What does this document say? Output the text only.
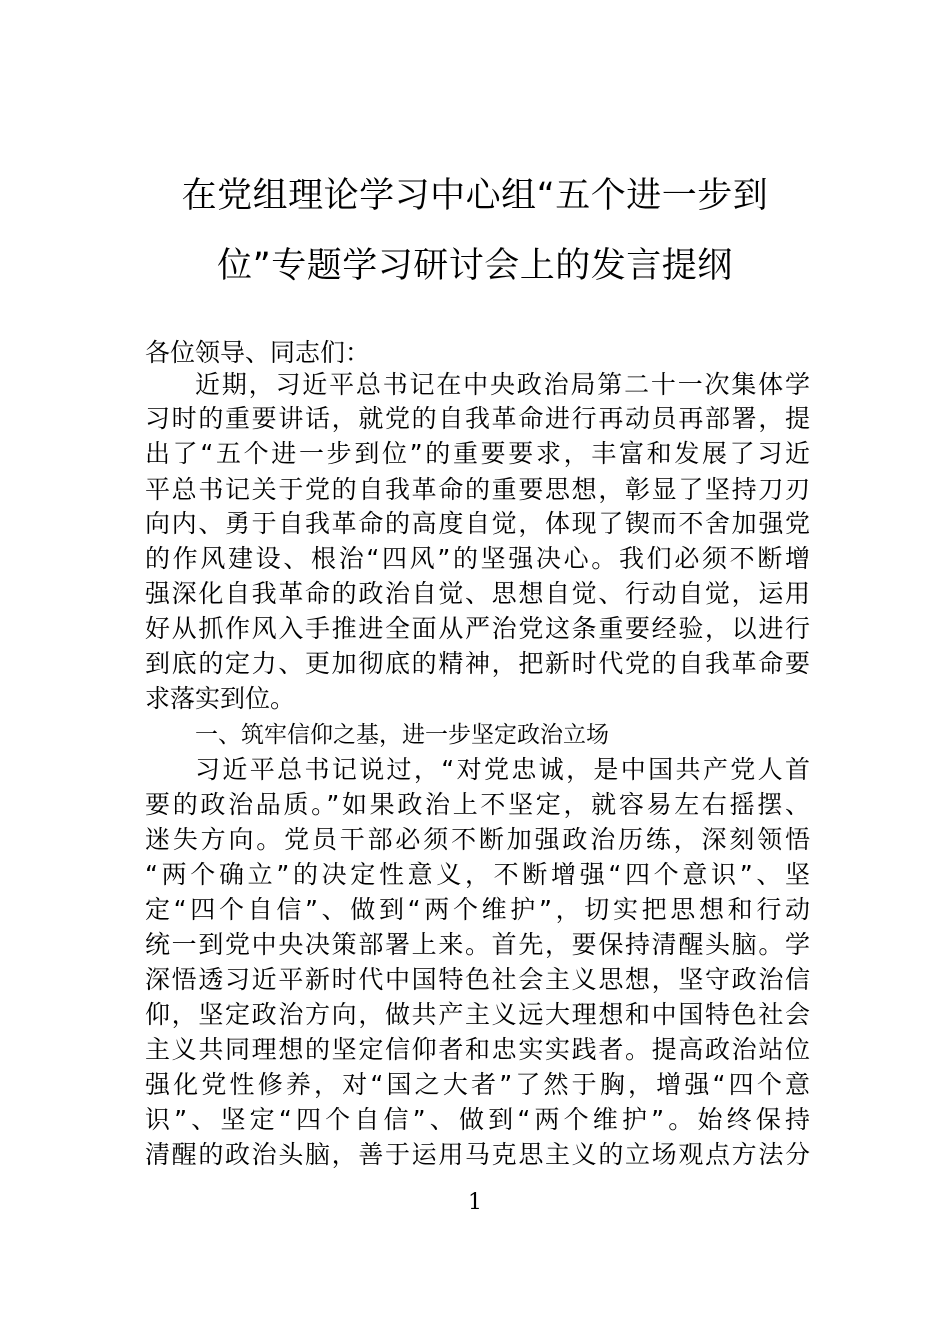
在党组理论学习中心组“五个进一步到
位”专题学习研讨会上的发言提纲
各位领导、同志们：
近期，习近平总书记在中央政治局第二十一次集体学
习时的重要讲话，就党的自我革命进行再动员再部署，提
出了“五个进一步到位”的重要要求，丰富和发展了习近
平总书记关于党的自我革命的重要思想，彰显了坚持刀刃
向内、勇于自我革命的高度自觉，体现了锲而不舍加强党
的作风建设、根治“四风”的坚强决心。我们必须不断增
强深化自我革命的政治自觉、思想自觉、行动自觉，运用
好从抓作风入手推进全面从严治党这条重要经验，以进行
到底的定力、更加彻底的精神，把新时代党的自我革命要
求落实到位。
一、筑牢信仰之基，进一步坚定政治立场
习近平总书记说过，“对党忠诚，是中国共产党人首
要的政治品质。”如果政治上不坚定，就容易左右摇摆、
迷失方向。党员干部必须不断加强政治历练，深刻领悟
“两个确立”的决定性意义，不断增强“四个意识”、坚
定“四个自信”、做到“两个维护”，切实把思想和行动
统一到党中央决策部署上来。首先，要保持清醒头脑。学
深悟透习近平新时代中国特色社会主义思想，坚守政治信
仰，坚定政治方向，做共产主义远大理想和中国特色社会
主义共同理想的坚定信仰者和忠实实践者。提高政治站位
强化党性修养，对“国之大者”了然于胸，增强“四个意
识”、坚定“四个自信”、做到“两个维护”。始终保持
清醒的政治头脑，善于运用马克思主义的立场观点方法分
1
